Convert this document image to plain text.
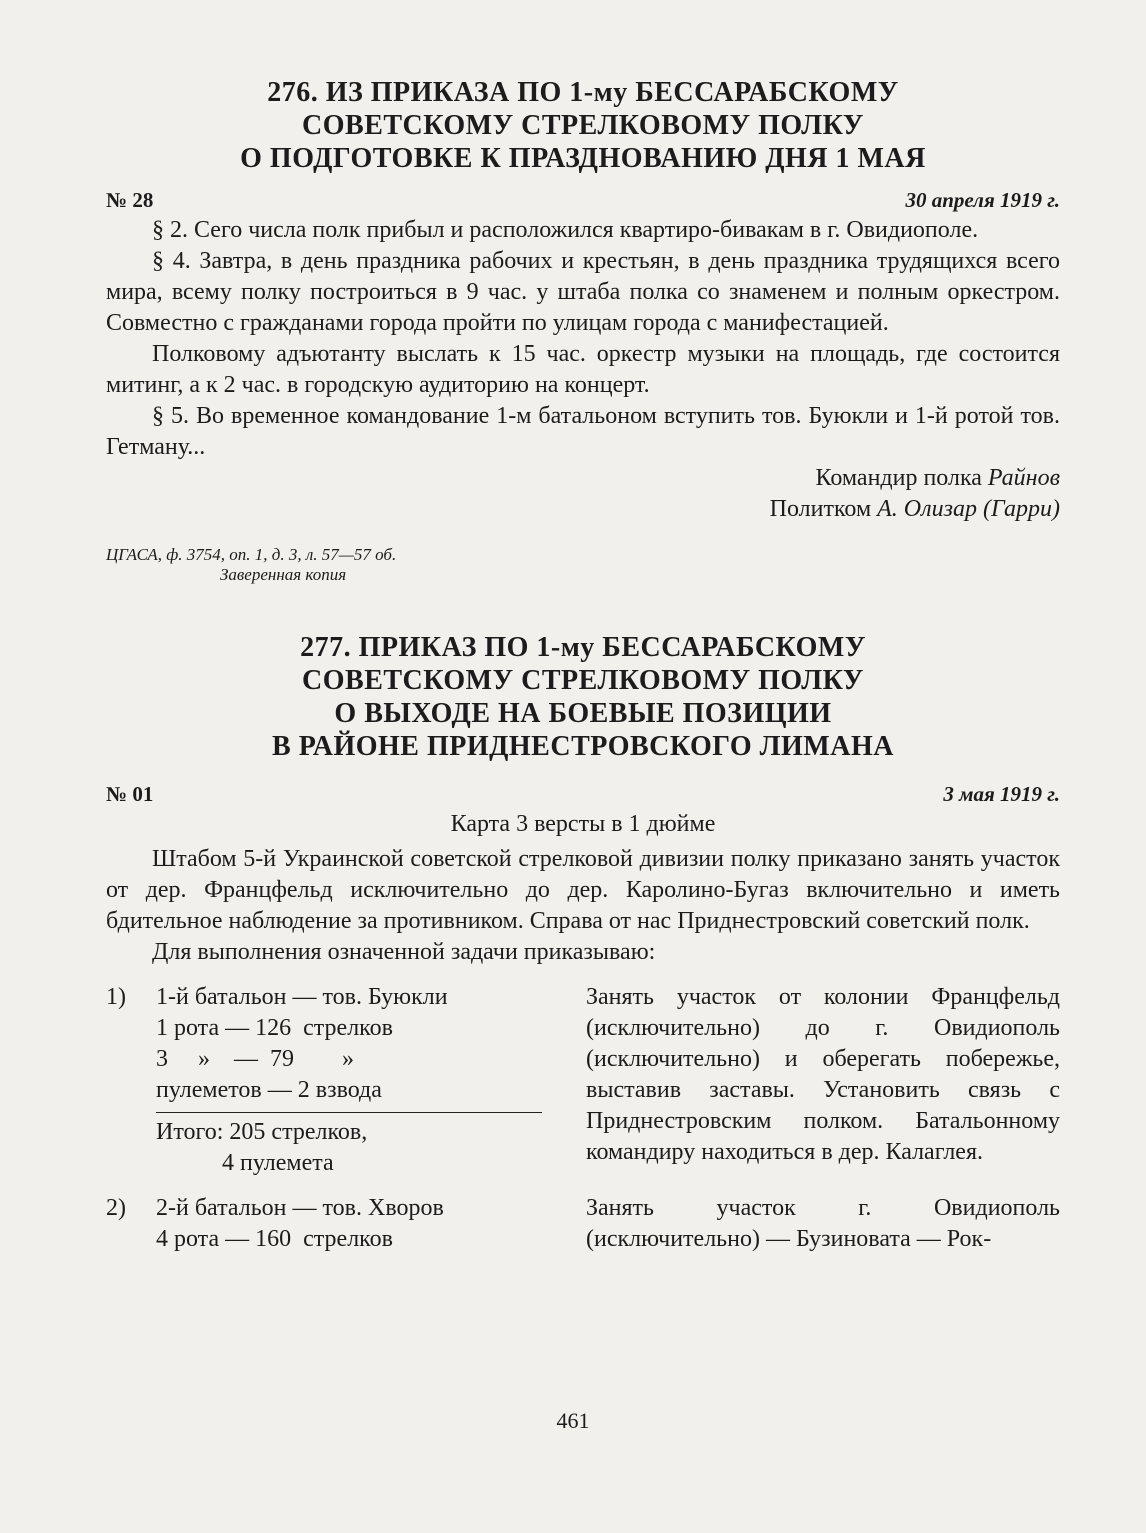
276. ИЗ ПРИКАЗА ПО 1-му БЕССАРАБСКОМУ
СОВЕТСКОМУ СТРЕЛКОВОМУ ПОЛКУ
О ПОДГОТОВКЕ К ПРАЗДНОВАНИЮ ДНЯ 1 МАЯ
№ 28	30 апреля 1919 г.

§ 2. Сего числа полк прибыл и расположился квартиро-бивакам в г. Овидиополе.

§ 4. Завтра, в день праздника рабочих и крестьян, в день праздника трудящихся всего мира, всему полку построиться в 9 час. у штаба полка со знаменем и полным оркестром. Совместно с гражданами города пройти по улицам города с манифестацией.

Полковому адъютанту выслать к 15 час. оркестр музыки на площадь, где состоится митинг, а к 2 час. в городскую аудиторию на концерт.

§ 5. Во временное командование 1-м батальоном вступить тов. Буюкли и 1-й ротой тов. Гетману...

Командир полка Райнов
Политком А. Олизар (Гарри)
ЦГАСА, ф. 3754, оп. 1, д. 3, л. 57—57 об.
Заверенная копия
277. ПРИКАЗ ПО 1-му БЕССАРАБСКОМУ
СОВЕТСКОМУ СТРЕЛКОВОМУ ПОЛКУ
О ВЫХОДЕ НА БОЕВЫЕ ПОЗИЦИИ
В РАЙОНЕ ПРИДНЕСТРОВСКОГО ЛИМАНА
№ 01	3 мая 1919 г.
Карта 3 версты в 1 дюйме

Штабом 5-й Украинской советской стрелковой дивизии полку приказано занять участок от дер. Францфельд исключительно до дер. Каролино-Бугаз включительно и иметь бдительное наблюдение за противником. Справа от нас Приднестровский советский полк.

Для выполнения означенной задачи приказываю:

1)	1-й батальон — тов. Буюкли
1 рота — 126  стрелков
3     »    —  79        »
пулеметов — 2 взвода
Итого: 205 стрелков,
4 пулемета
Занять участок от колонии Францфельд (исключительно) до г. Овидиополь (исключительно) и оберегать побережье, выставив заставы. Установить связь с Приднестровским полком. Батальонному командиру находиться в дер. Калаглея.
2)	2-й батальон — тов. Хворов
4 рота — 160  стрелков
Занять участок г. Овидиополь (исключительно) — Бузиновата — Рок-
461
